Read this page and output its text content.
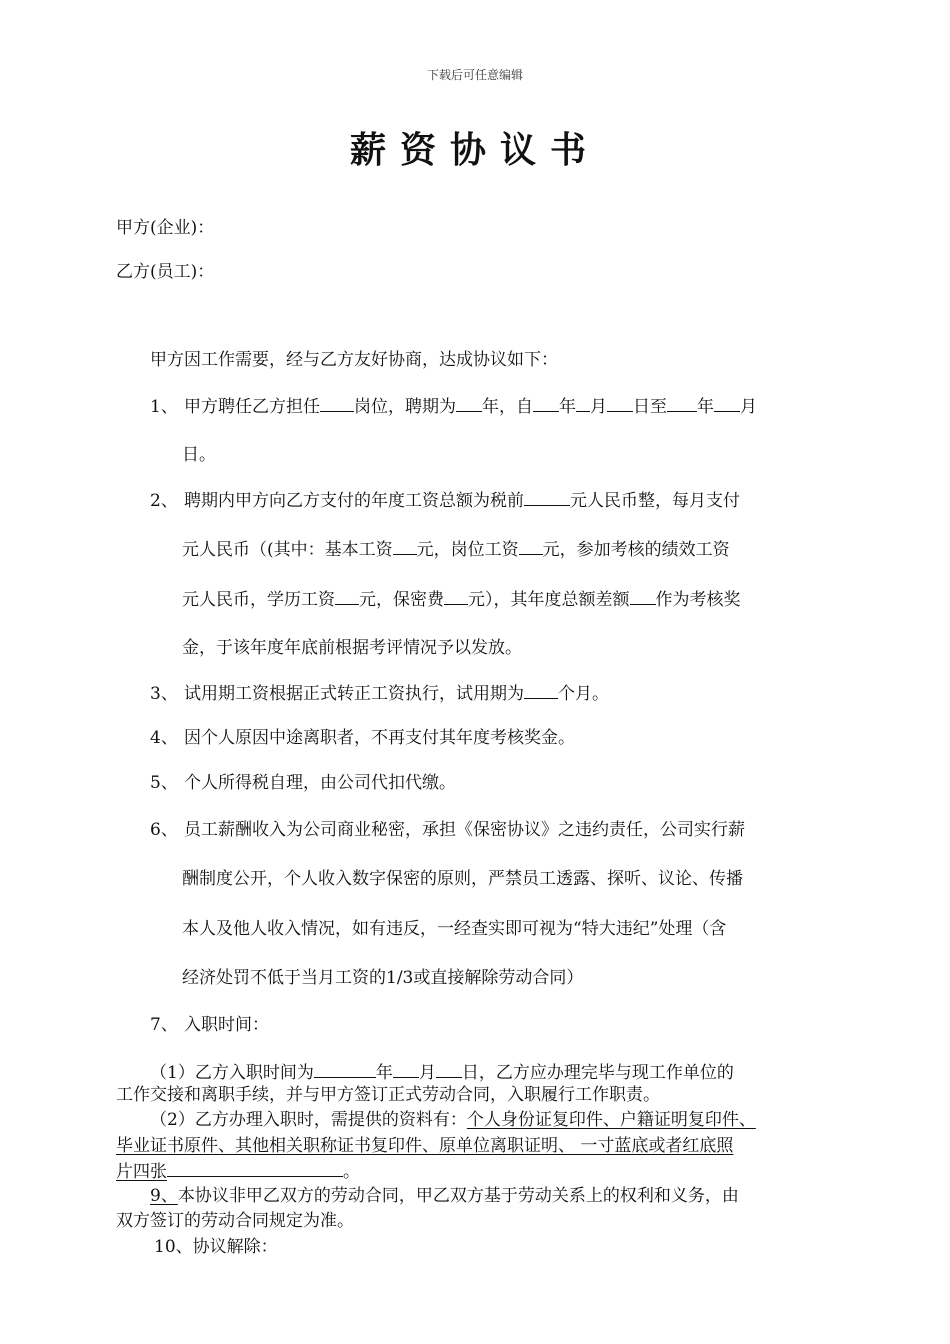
下载后可任意编辑
薪资协议书
甲方(企业)：
乙方(员工)：
甲方因工作需要，经与乙方友好协商，达成协议如下：
1、 甲方聘任乙方担任 岗位，聘期为 年，自 年 月 日至 年 月
日。
2、 聘期内甲方向乙方支付的年度工资总额为税前	元人民币整，每月支付
元人民币（(其中：基本工资 元，岗位工资 元，参加考核的绩效工资
元人民币，学历工资 元，保密费 元），其年度总额差额 作为考核奖
金，于该年度年底前根据考评情况予以发放。
3、 试用期工资根据正式转正工资执行，试用期为 个月。
4、 因个人原因中途离职者，不再支付其年度考核奖金。
5、 个人所得税自理，由公司代扣代缴。
6、 员工薪酬收入为公司商业秘密，承担《保密协议》之违约责任，公司实行薪
酬制度公开，个人收入数字保密的原则，严禁员工透露、探听、议论、传播
本人及他人收入情况，如有违反，一经查实即可视为“特大违纪”处理（含
经济处罚不低于当月工资的1/3或直接解除劳动合同）
7、 入职时间：
（1）乙方入职时间为	年 月 日，乙方应办理完毕与现工作单位的
工作交接和离职手续，并与甲方签订正式劳动合同，入职履行工作职责。
（2）乙方办理入职时，需提供的资料有：个人身份证复印件、户籍证明复印件、
毕业证书原件、其他相关职称证书复印件、原单位离职证明、 一寸蓝底或者红底照
片四张	。
9、本协议非甲乙双方的劳动合同，甲乙双方基于劳动关系上的权利和义务，由
双方签订的劳动合同规定为准。
10、协议解除：
